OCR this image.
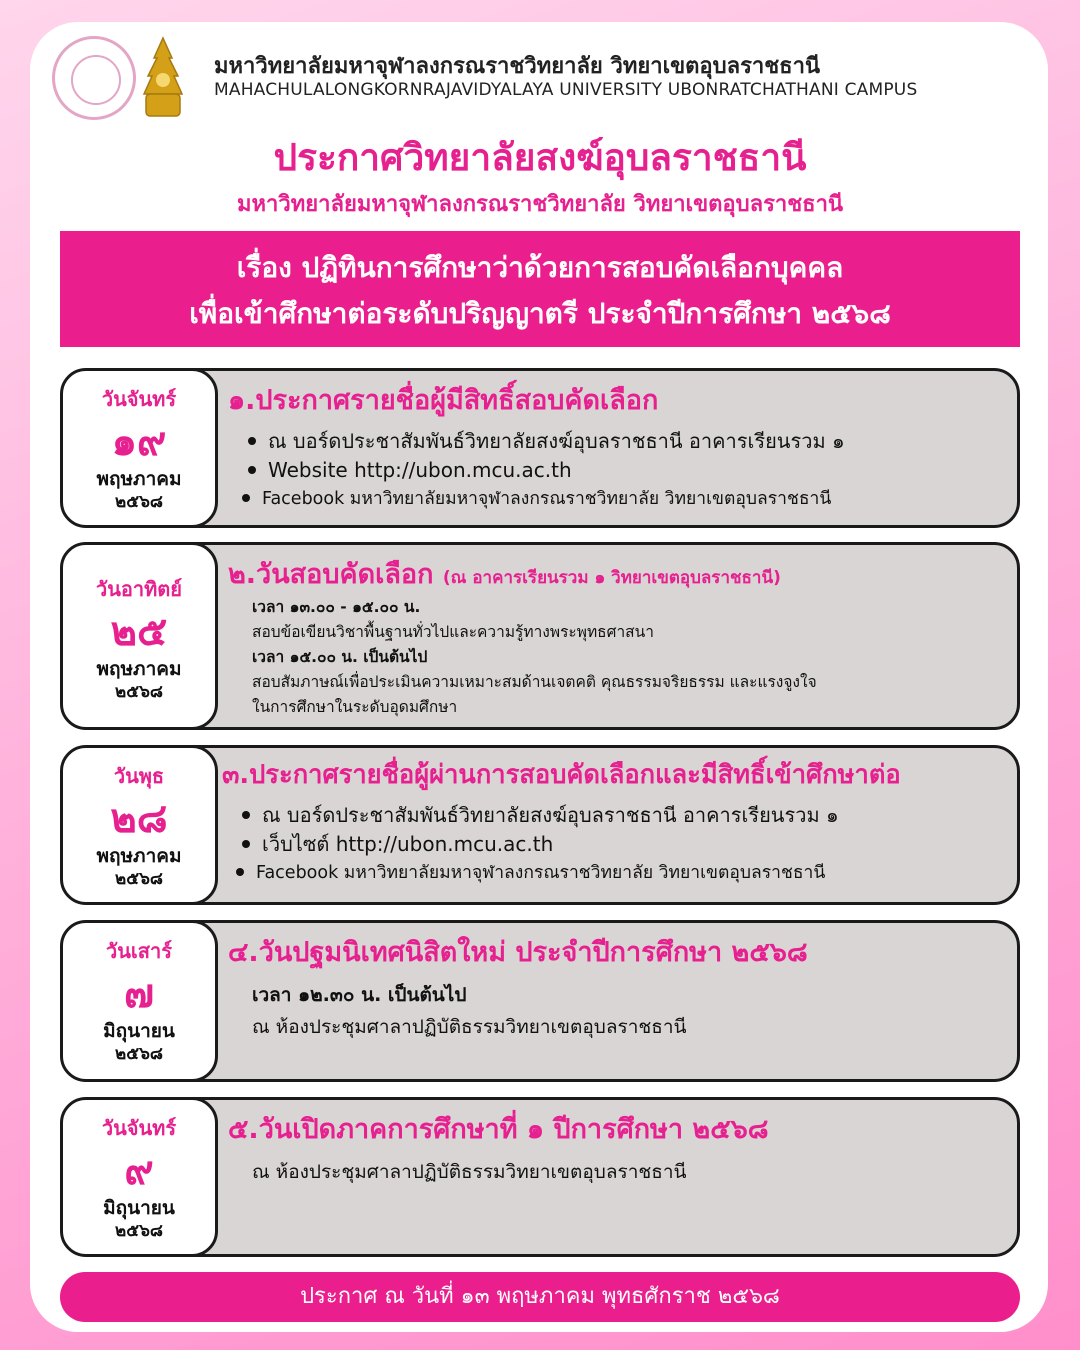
มหาวิทยาลัยมหาจุฬาลงกรณราชวิทยาลัย วิทยาเขตอุบลราชธานี
MAHACHULALONGKORNRAJAVIDYALAYA UNIVERSITY UBONRATCHATHANI CAMPUS
ประกาศวิทยาลัยสงฆ์อุบลราชธานี
มหาวิทยาลัยมหาจุฬาลงกรณราชวิทยาลัย วิทยาเขตอุบลราชธานี
เรื่อง ปฏิทินการศึกษาว่าด้วยการสอบคัดเลือกบุคคล
เพื่อเข้าศึกษาต่อระดับปริญญาตรี ประจำปีการศึกษา ๒๕๖๘
วันจันทร์
๑๙
พฤษภาคม
๒๕๖๘
๑.ประกาศรายชื่อผู้มีสิทธิ์สอบคัดเลือก
ณ บอร์ดประชาสัมพันธ์วิทยาลัยสงฆ์อุบลราชธานี อาคารเรียนรวม ๑
Website http://ubon.mcu.ac.th
Facebook มหาวิทยาลัยมหาจุฬาลงกรณราชวิทยาลัย วิทยาเขตอุบลราชธานี
วันอาทิตย์
๒๕
พฤษภาคม
๒๕๖๘
๒.วันสอบคัดเลือก (ณ อาคารเรียนรวม ๑ วิทยาเขตอุบลราชธานี)
เวลา ๑๓.๐๐ - ๑๕.๐๐ น.
สอบข้อเขียนวิชาพื้นฐานทั่วไปและความรู้ทางพระพุทธศาสนา
เวลา ๑๕.๐๐ น. เป็นต้นไป
สอบสัมภาษณ์เพื่อประเมินความเหมาะสมด้านเจตคติ คุณธรรมจริยธรรม และแรงจูงใจ
ในการศึกษาในระดับอุดมศึกษา
วันพุธ
๒๘
พฤษภาคม
๒๕๖๘
๓.ประกาศรายชื่อผู้ผ่านการสอบคัดเลือกและมีสิทธิ์เข้าศึกษาต่อ
ณ บอร์ดประชาสัมพันธ์วิทยาลัยสงฆ์อุบลราชธานี อาคารเรียนรวม ๑
เว็บไซต์ http://ubon.mcu.ac.th
Facebook มหาวิทยาลัยมหาจุฬาลงกรณราชวิทยาลัย วิทยาเขตอุบลราชธานี
วันเสาร์
๗
มิถุนายน
๒๕๖๘
๔.วันปฐมนิเทศนิสิตใหม่ ประจำปีการศึกษา ๒๕๖๘
เวลา ๑๒.๓๐ น. เป็นต้นไป
ณ ห้องประชุมศาลาปฏิบัติธรรมวิทยาเขตอุบลราชธานี
วันจันทร์
๙
มิถุนายน
๒๕๖๘
๕.วันเปิดภาคการศึกษาที่ ๑ ปีการศึกษา ๒๕๖๘
ณ ห้องประชุมศาลาปฏิบัติธรรมวิทยาเขตอุบลราชธานี
ประกาศ ณ วันที่ ๑๓ พฤษภาคม พุทธศักราช ๒๕๖๘
